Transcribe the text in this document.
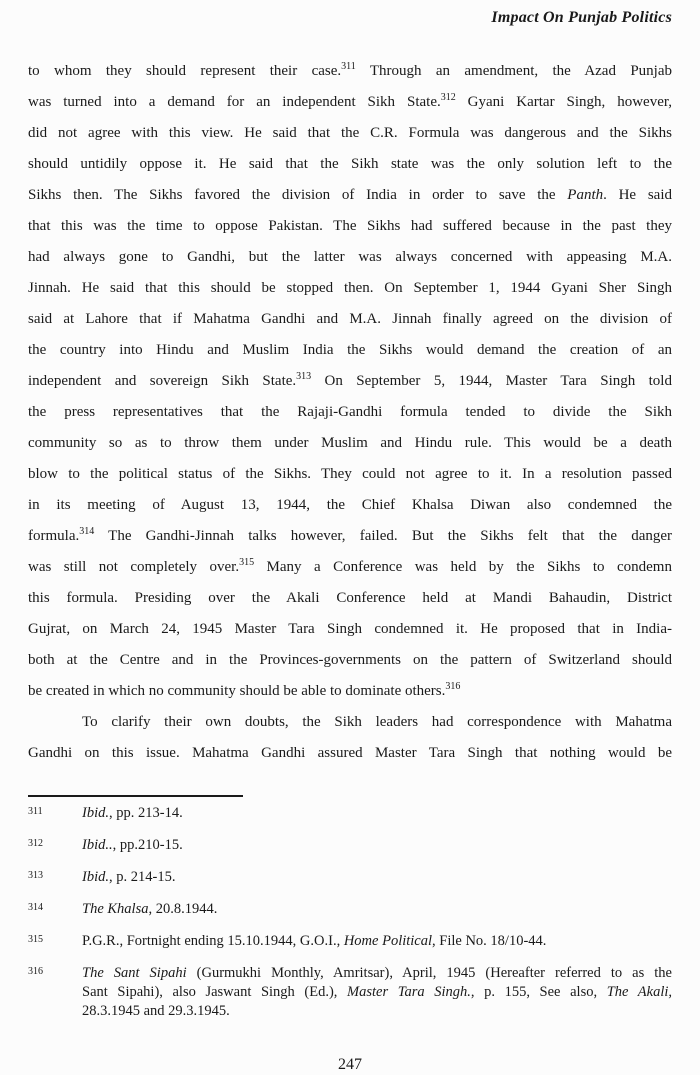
Impact On Punjab Politics
to whom they should represent their case.$^{311}$ Through an amendment, the Azad Punjab
was turned into a demand for an independent Sikh State.$^{312}$ Gyani Kartar Singh, however,
did not agree with this view. He said that the C.R. Formula was dangerous and the Sikhs
should untidily oppose it. He said that the Sikh state was the only solution left to the
Sikhs then. The Sikhs favored the division of India in order to save the Panth. He said
that this was the time to oppose Pakistan. The Sikhs had suffered because in the past they
had always gone to Gandhi, but the latter was always concerned with appeasing M.A.
Jinnah. He said that this should be stopped then. On September 1, 1944 Gyani Sher Singh
said at Lahore that if Mahatma Gandhi and M.A. Jinnah finally agreed on the division of
the country into Hindu and Muslim India the Sikhs would demand the creation of an
independent and sovereign Sikh State.$^{313}$ On September 5, 1944, Master Tara Singh told
the press representatives that the Rajaji-Gandhi formula tended to divide the Sikh
community so as to throw them under Muslim and Hindu rule. This would be a death
blow to the political status of the Sikhs. They could not agree to it. In a resolution passed
in its meeting of August 13, 1944, the Chief Khalsa Diwan also condemned the
formula.$^{314}$ The Gandhi-Jinnah talks however, failed. But the Sikhs felt that the danger
was still not completely over.$^{315}$ Many a Conference was held by the Sikhs to condemn
this formula. Presiding over the Akali Conference held at Mandi Bahaudin, District
Gujrat, on March 24, 1945 Master Tara Singh condemned it. He proposed that in India-
both at the Centre and in the Provinces-governments on the pattern of Switzerland should
be created in which no community should be able to dominate others.$^{316}$
To clarify their own doubts, the Sikh leaders had correspondence with Mahatma
Gandhi on this issue. Mahatma Gandhi assured Master Tara Singh that nothing would be
311	Ibid., pp. 213-14.
312	Ibid.., pp.210-15.
313	Ibid., p. 214-15.
314	The Khalsa, 20.8.1944.
315	P.G.R., Fortnight ending 15.10.1944, G.O.I., Home Political, File No. 18/10-44.
316	The Sant Sipahi (Gurmukhi Monthly, Amritsar), April, 1945 (Hereafter referred to as the
Sant Sipahi), also Jaswant Singh (Ed.), Master Tara Singh., p. 155, See also, The Akali,
28.3.1945 and 29.3.1945.
247
